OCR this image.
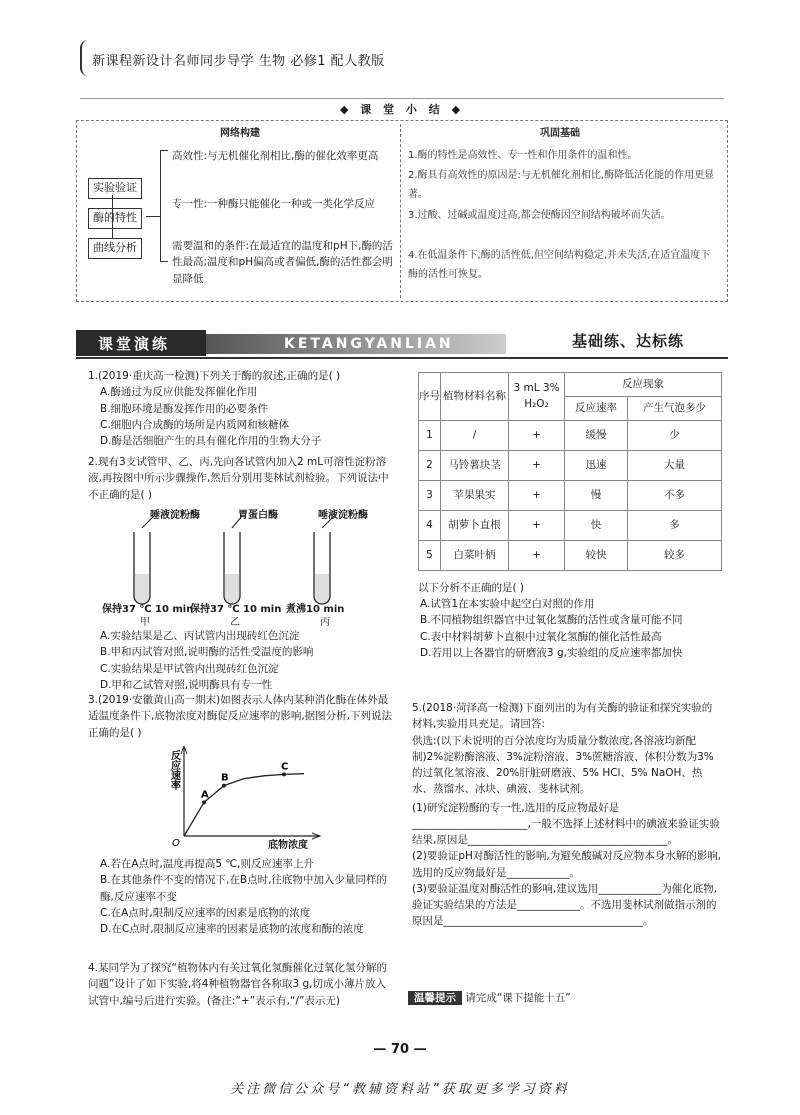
新课程新设计名师同步导学 生物 必修1 配人教版
◆ 课 堂 小 结 ◆
网络构建	巩固基础
实验验证
酶的特性
曲线分析
高效性:与无机催化剂相比,酶的催化效率更高
专一性:一种酶只能催化一种或一类化学反应
需要温和的条件:在最适宜的温度和pH下,酶的活性最高;温度和pH偏高或者偏低,酶的活性都会明显降低
1.酶的特性是高效性、专一性和作用条件的温和性。
2.酶具有高效性的原因是:与无机催化剂相比,酶降低活化能的作用更显著。
3.过酸、过碱或温度过高,都会使酶因空间结构破坏而失活。
4.在低温条件下,酶的活性低,但空间结构稳定,并未失活,在适宜温度下酶的活性可恢复。
课堂演练	KETANGYANLIAN	基础练、达标练
1.(2019·重庆高一检测)下列关于酶的叙述,正确的是( )
A.酶通过为反应供能发挥催化作用
B.细胞环境是酶发挥作用的必要条件
C.细胞内合成酶的场所是内质网和核糖体
D.酶是活细胞产生的具有催化作用的生物大分子
2.现有3支试管甲、乙、丙,先向各试管内加入2 mL可溶性淀粉溶液,再按图中所示步骤操作,然后分别用斐林试剂检验。下列说法中不正确的是( )
唾液淀粉酶	胃蛋白酶	唾液淀粉酶
保持37 ℃ 10 min
保持37 ℃ 10 min 煮沸10 min
甲	乙	丙
A.实验结果是乙、丙试管内出现砖红色沉淀
B.甲和丙试管对照,说明酶的活性受温度的影响
C.实验结果是甲试管内出现砖红色沉淀
D.甲和乙试管对照,说明酶具有专一性
3.(2019·安徽黄山高一期末)如图表示人体内某种消化酶在体外最适温度条件下,底物浓度对酶促反应速率的影响,据图分析,下列说法正确的是( )
A
B
C
反应速率
O	底物浓度
A.若在A点时,温度再提高5 ℃,则反应速率上升
B.在其他条件不变的情况下,在B点时,往底物中加入少量同样的酶,反应速率不变
C.在A点时,限制反应速率的因素是底物的浓度
D.在C点时,限制反应速率的因素是底物的浓度和酶的浓度
4.某同学为了探究“植物体内有关过氧化氢酶催化过氧化氢分解的问题”设计了如下实验,将4种植物器官各称取3 g,切成小薄片放入试管中,编号后进行实验。(备注:“+”表示有,“/”表示无)
序号	植物材料名称	3 mL 3% H₂O₂	反应现象	
			反应速率	产生气泡多少
1	/	+	缓慢	少
2	马铃薯块茎	+	迅速	大量
3	苹果果实	+	慢	不多
4	胡萝卜直根	+	快	多
5	白菜叶柄	+	较快	较多
以下分析不正确的是( )
A.试管1在本实验中起空白对照的作用
B.不同植物组织器官中过氧化氢酶的活性或含量可能不同
C.表中材料胡萝卜直根中过氧化氢酶的催化活性最高
D.若用以上各器官的研磨液3 g,实验组的反应速率都加快
5.(2018·菏泽高一检测)下面列出的为有关酶的验证和探究实验的材料,实验用具充足。请回答:
供选:(以下未说明的百分浓度均为质量分数浓度,各溶液均新配制)2%淀粉酶溶液、3%淀粉溶液、3%蔗糖溶液、体积分数为3%的过氧化氢溶液、20%肝脏研磨液、5% HCl、5% NaOH、热水、蒸馏水、冰块、碘液、斐林试剂。
(1)研究淀粉酶的专一性,选用的反应物最好是______________________,一般不选择上述材料中的碘液来验证实验结果,原因是______________________________________。
(2)要验证pH对酶活性的影响,为避免酸碱对反应物本身水解的影响,选用的反应物最好是____________。
(3)要验证温度对酶活性的影响,建议选用____________为催化底物,验证实验结果的方法是____________。不选用斐林试剂做指示剂的原因是______________________________________。
温馨提示 请完成“课下提能十五”
— 70 —
关注微信公众号“教辅资料站”获取更多学习资料
